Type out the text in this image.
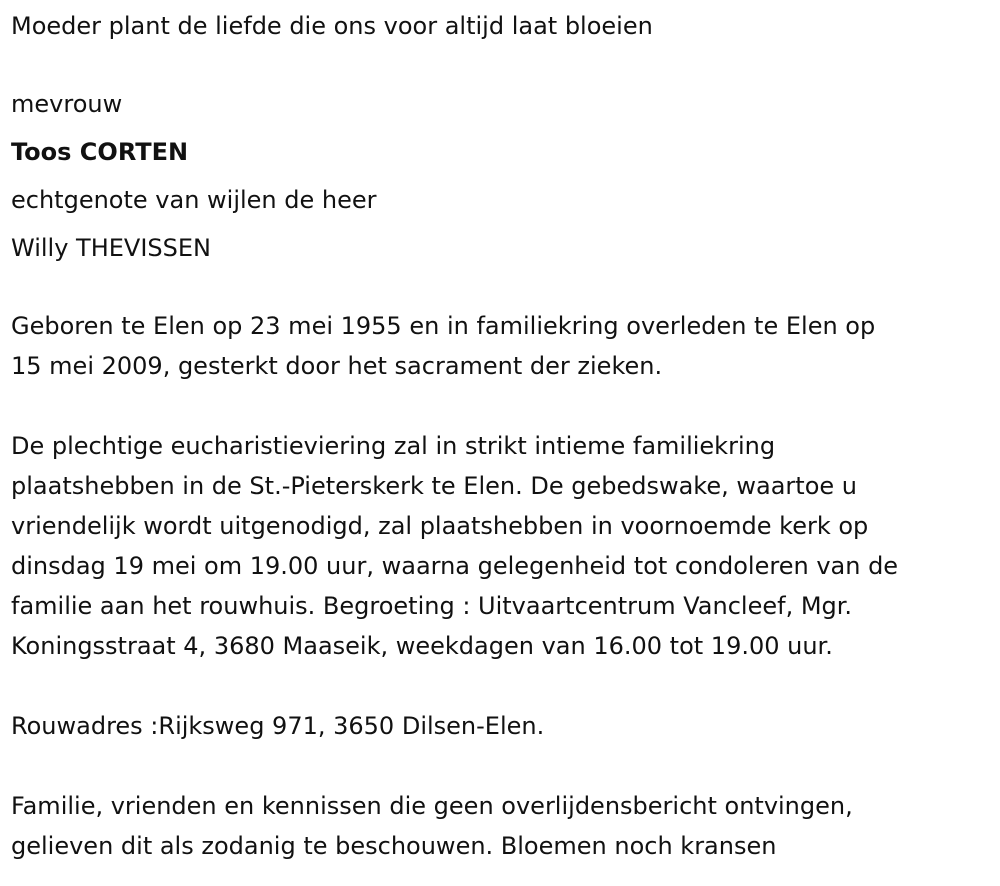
Moeder plant de liefde die ons voor altijd laat bloeien
mevrouw
Toos CORTEN
echtgenote van wijlen de heer
Willy THEVISSEN
Geboren te Elen op 23 mei 1955 en in familiekring overleden te Elen op
15 mei 2009, gesterkt door het sacrament der zieken.
De plechtige eucharistieviering zal in strikt intieme familiekring
plaatshebben in de St.-Pieterskerk te Elen. De gebedswake, waartoe u
vriendelijk wordt uitgenodigd, zal plaatshebben in voornoemde kerk op
dinsdag 19 mei om 19.00 uur, waarna gelegenheid tot condoleren van de
familie aan het rouwhuis. Begroeting : Uitvaartcentrum Vancleef, Mgr.
Koningsstraat 4, 3680 Maaseik, weekdagen van 16.00 tot 19.00 uur.
Rouwadres :Rijksweg 971, 3650 Dilsen-Elen.
Familie, vrienden en kennissen die geen overlijdensbericht ontvingen,
gelieven dit als zodanig te beschouwen. Bloemen noch kransen
